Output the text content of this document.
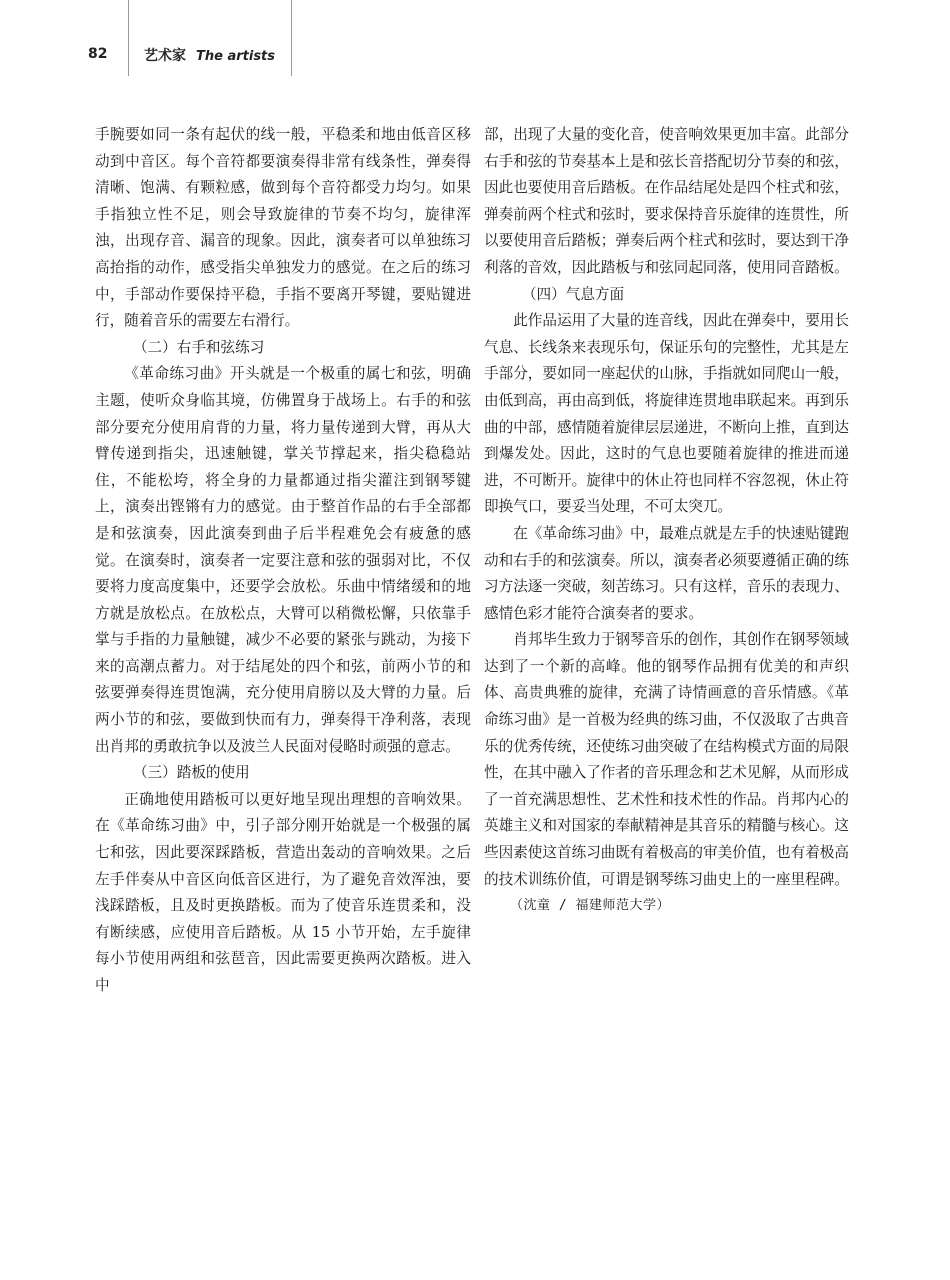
82	艺术家 The artists

手腕要如同一条有起伏的线一般，平稳柔和地由低音区移动到中音区。每个音符都要演奏得非常有线条性，弹奏得清晰、饱满、有颗粒感，做到每个音符都受力均匀。如果手指独立性不足，则会导致旋律的节奏不均匀，旋律浑浊，出现存音、漏音的现象。因此，演奏者可以单独练习高抬指的动作，感受指尖单独发力的感觉。在之后的练习中，手部动作要保持平稳，手指不要离开琴键，要贴键进行，随着音乐的需要左右滑行。

（二）右手和弦练习

《革命练习曲》开头就是一个极重的属七和弦，明确主题，使听众身临其境，仿佛置身于战场上。右手的和弦部分要充分使用肩背的力量，将力量传递到大臂，再从大臂传递到指尖，迅速触键，掌关节撑起来，指尖稳稳站住，不能松垮，将全身的力量都通过指尖灌注到钢琴键上，演奏出铿锵有力的感觉。由于整首作品的右手全部都是和弦演奏，因此演奏到曲子后半程难免会有疲惫的感觉。在演奏时，演奏者一定要注意和弦的强弱对比，不仅要将力度高度集中，还要学会放松。乐曲中情绪缓和的地方就是放松点。在放松点，大臂可以稍微松懈，只依靠手掌与手指的力量触键，减少不必要的紧张与跳动，为接下来的高潮点蓄力。对于结尾处的四个和弦，前两小节的和弦要弹奏得连贯饱满，充分使用肩膀以及大臂的力量。后两小节的和弦，要做到快而有力，弹奏得干净利落，表现出肖邦的勇敢抗争以及波兰人民面对侵略时顽强的意志。

（三）踏板的使用

正确地使用踏板可以更好地呈现出理想的音响效果。在《革命练习曲》中，引子部分刚开始就是一个极强的属七和弦，因此要深踩踏板，营造出轰动的音响效果。之后左手伴奏从中音区向低音区进行，为了避免音效浑浊，要浅踩踏板，且及时更换踏板。而为了使音乐连贯柔和，没有断续感，应使用音后踏板。从 15 小节开始，左手旋律每小节使用两组和弦琶音，因此需要更换两次踏板。进入中

部，出现了大量的变化音，使音响效果更加丰富。此部分右手和弦的节奏基本上是和弦长音搭配切分节奏的和弦，因此也要使用音后踏板。在作品结尾处是四个柱式和弦，弹奏前两个柱式和弦时，要求保持音乐旋律的连贯性，所以要使用音后踏板；弹奏后两个柱式和弦时，要达到干净利落的音效，因此踏板与和弦同起同落，使用同音踏板。

（四）气息方面

此作品运用了大量的连音线，因此在弹奏中，要用长气息、长线条来表现乐句，保证乐句的完整性，尤其是左手部分，要如同一座起伏的山脉，手指就如同爬山一般，由低到高，再由高到低，将旋律连贯地串联起来。再到乐曲的中部，感情随着旋律层层递进，不断向上推，直到达到爆发处。因此，这时的气息也要随着旋律的推进而递进，不可断开。旋律中的休止符也同样不容忽视，休止符即换气口，要妥当处理，不可太突兀。

在《革命练习曲》中，最难点就是左手的快速贴键跑动和右手的和弦演奏。所以，演奏者必须要遵循正确的练习方法逐一突破，刻苦练习。只有这样，音乐的表现力、感情色彩才能符合演奏者的要求。

肖邦毕生致力于钢琴音乐的创作，其创作在钢琴领域达到了一个新的高峰。他的钢琴作品拥有优美的和声织体、高贵典雅的旋律，充满了诗情画意的音乐情感。《革命练习曲》是一首极为经典的练习曲，不仅汲取了古典音乐的优秀传统，还使练习曲突破了在结构模式方面的局限性，在其中融入了作者的音乐理念和艺术见解，从而形成了一首充满思想性、艺术性和技术性的作品。肖邦内心的英雄主义和对国家的奉献精神是其音乐的精髓与核心。这些因素使这首练习曲既有着极高的审美价值，也有着极高的技术训练价值，可谓是钢琴练习曲史上的一座里程碑。

（沈童 / 福建师范大学）
